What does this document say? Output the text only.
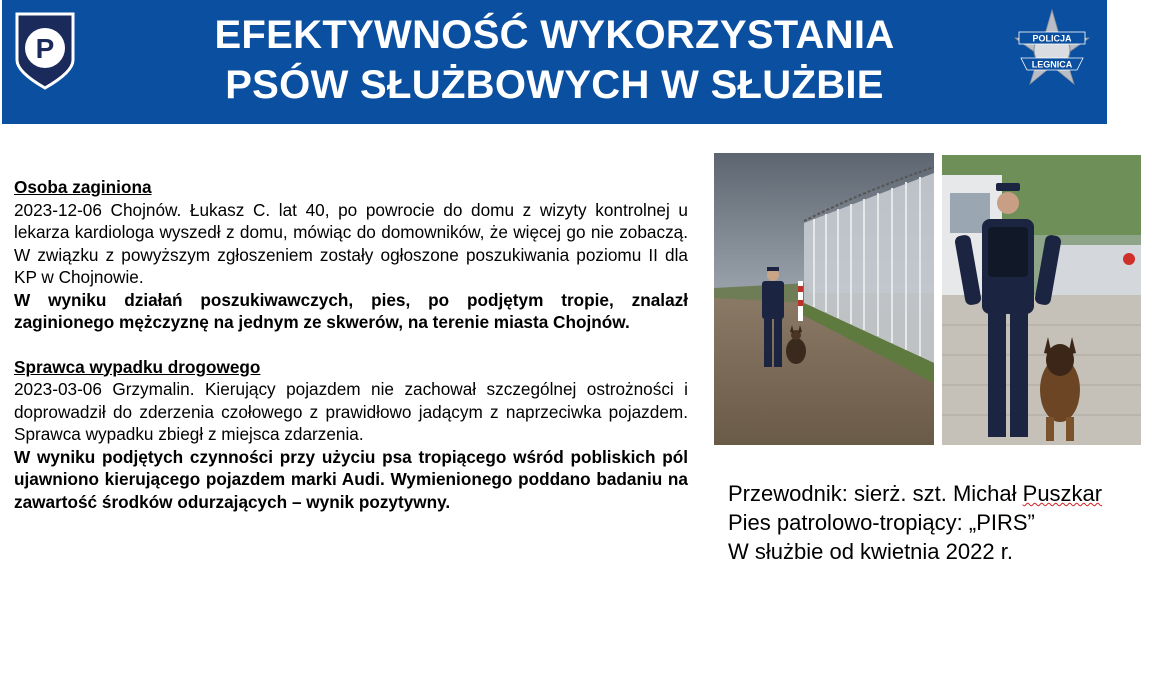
P	EFEKTYWNOŚĆ WYKORZYSTANIA
PSÓW SŁUŻBOWYCH W SŁUŻBIE
POLICJA
LEGNICA

Osoba zaginiona

2023-12-06 Chojnów. Łukasz C. lat 40, po powrocie do domu z wizyty kontrolnej u lekarza kardiologa wyszedł z domu, mówiąc do domowników, że więcej go nie zobaczą. W związku z powyższym zgłoszeniem zostały ogłoszone poszukiwania poziomu II dla KP w Chojnowie.

W wyniku działań poszukiwawczych, pies, po podjętym tropie, znalazł zaginionego mężczyznę na jednym ze skwerów, na terenie miasta Chojnów.

Sprawca wypadku drogowego

2023-03-06 Grzymalin. Kierujący pojazdem nie zachował szczególnej ostrożności i doprowadził do zderzenia czołowego z prawidłowo jadącym z naprzeciwka pojazdem. Sprawca wypadku zbiegł z miejsca zdarzenia.

W wyniku podjętych czynności przy użyciu psa tropiącego wśród pobliskich pól ujawniono kierującego pojazdem marki Audi. Wymienionego poddano badaniu na zawartość środków odurzających – wynik pozytywny.	Przewodnik: sierż. szt. Michał Puszkar
Pies patrolowo-tropiący: „PIRS”
W służbie od kwietnia 2022 r.
